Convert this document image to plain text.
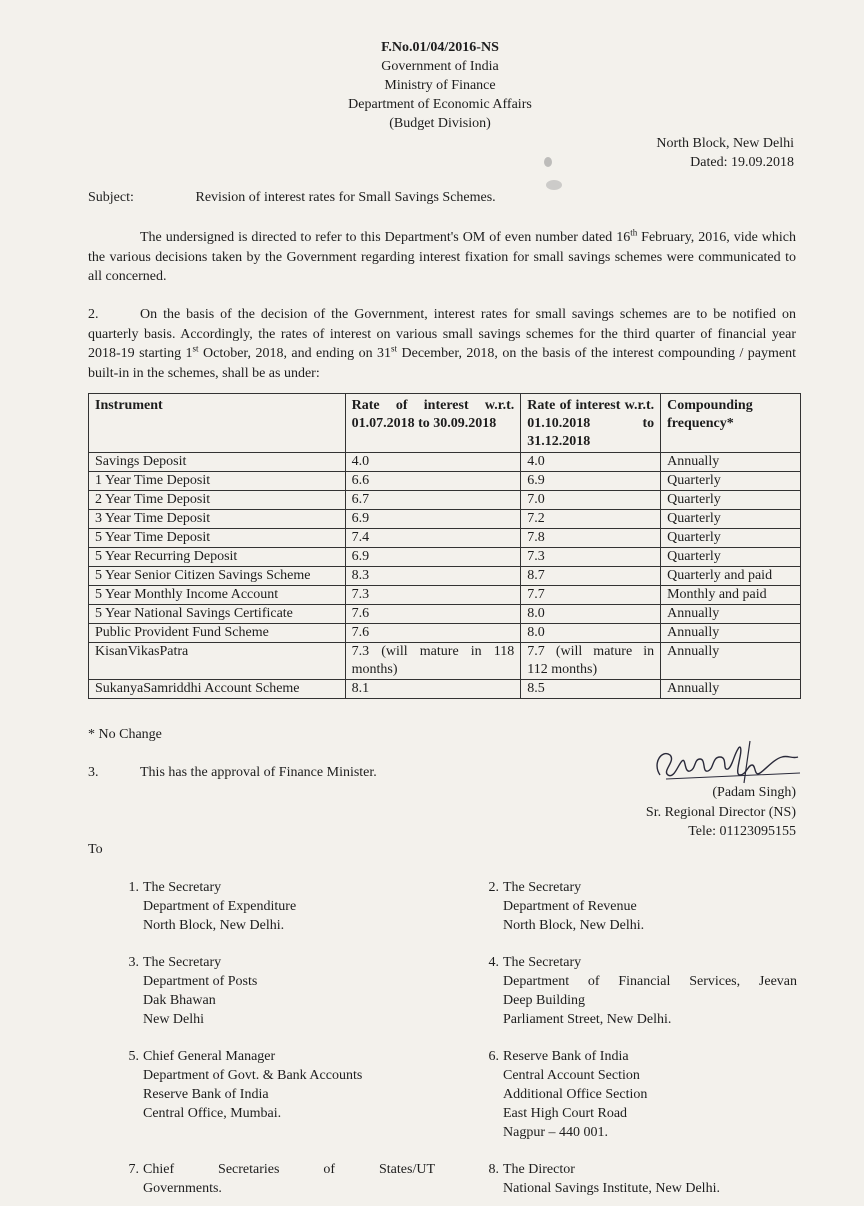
F.No.01/04/2016-NS
Government of India
Ministry of Finance
Department of Economic Affairs
(Budget Division)
North Block, New Delhi
Dated: 19.09.2018
Subject:	Revision of interest rates for Small Savings Schemes.
The undersigned is directed to refer to this Department's OM of even number dated 16th February, 2016, vide which the various decisions taken by the Government regarding interest fixation for small savings schemes were communicated to all concerned.
2.	On the basis of the decision of the Government, interest rates for small savings schemes are to be notified on quarterly basis. Accordingly, the rates of interest on various small savings schemes for the third quarter of financial year 2018-19 starting 1st October, 2018, and ending on 31st December, 2018, on the basis of the interest compounding / payment built-in in the schemes, shall be as under:
Instrument	Rate of interest w.r.t. 01.07.2018 to 30.09.2018	Rate of interest w.r.t. 01.10.2018 to 31.12.2018	Compounding frequency*
Savings Deposit	4.0	4.0	Annually
1 Year Time Deposit	6.6	6.9	Quarterly
2 Year Time Deposit	6.7	7.0	Quarterly
3 Year Time Deposit	6.9	7.2	Quarterly
5 Year Time Deposit	7.4	7.8	Quarterly
5 Year Recurring Deposit	6.9	7.3	Quarterly
5 Year Senior Citizen Savings Scheme	8.3	8.7	Quarterly and paid
5 Year Monthly Income Account	7.3	7.7	Monthly and paid
5 Year National Savings Certificate	7.6	8.0	Annually
Public Provident Fund Scheme	7.6	8.0	Annually
KisanVikasPatra	7.3 (will mature in 118 months)	7.7 (will mature in 112 months)	Annually
SukanyaSamriddhi Account Scheme	8.1	8.5	Annually
* No Change
3.	This has the approval of Finance Minister.
(Padam Singh)
Sr. Regional Director (NS)
Tele: 01123095155
To
1. The Secretary
Department of Expenditure
North Block, New Delhi.
2. The Secretary
Department of Revenue
North Block, New Delhi.
3. The Secretary
Department of Posts
Dak Bhawan
New Delhi
4. The Secretary
Department of Financial Services, Jeevan
Deep Building
Parliament Street, New Delhi.
5. Chief General Manager
Department of Govt. & Bank Accounts
Reserve Bank of India
Central Office, Mumbai.
6. Reserve Bank of India
Central Account Section
Additional Office Section
East High Court Road
Nagpur – 440 001.
7. Chief Secretaries of States/UT
Governments.
8. The Director
National Savings Institute, New Delhi.
